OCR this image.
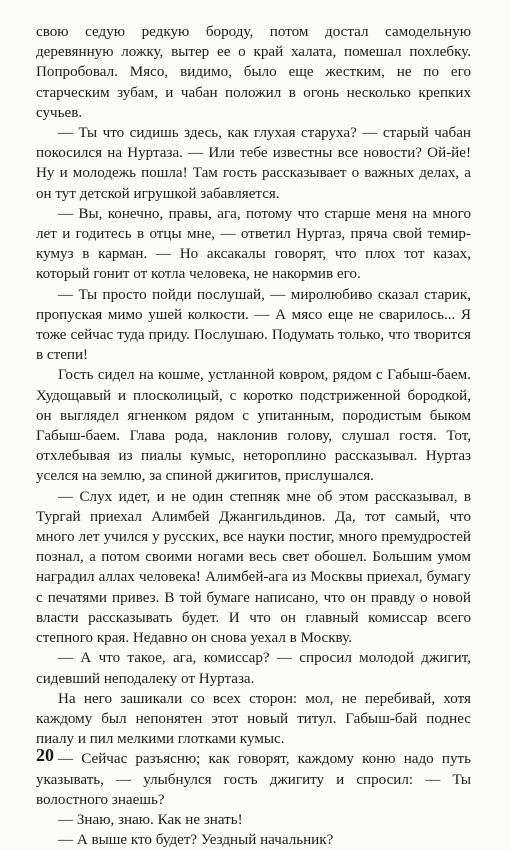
свою седую редкую бороду, потом достал самодельную деревянную ложку, вытер ее о край халата, помешал похлебку. Попробовал. Мясо, видимо, было еще жестким, не по его старческим зубам, и чабан положил в огонь несколько крепких сучьев.

— Ты что сидишь здесь, как глухая старуха? — старый чабан покосился на Нуртаза. — Или тебе известны все новости? Ой-йе! Ну и молодежь пошла! Там гость рассказывает о важных делах, а он тут детской игрушкой забавляется.

— Вы, конечно, правы, ага, потому что старше меня на много лет и годитесь в отцы мне, — ответил Нуртаз, пряча свой темир-кумуз в карман. — Но аксакалы говорят, что плох тот казах, который гонит от котла человека, не накормив его.

— Ты просто пойди послушай, — миролюбиво сказал старик, пропуская мимо ушей колкости. — А мясо еще не сварилось... Я тоже сейчас туда приду. Послушаю. Подумать только, что творится в степи!

Гость сидел на кошме, устланной ковром, рядом с Габыш-баем. Худощавый и плосколицый, с коротко подстриженной бородкой, он выглядел ягненком рядом с упитанным, породистым быком Габыш-баем. Глава рода, наклонив голову, слушал гостя. Тот, отхлебывая из пиалы кумыс, нетороплино рассказывал. Нуртаз уселся на землю, за спиной джигитов, прислушался.

— Слух идет, и не один степняк мне об этом рассказывал, в Тургай приехал Алимбей Джангильдинов. Да, тот самый, что много лет учился у русских, все науки постиг, много премудростей познал, а потом своими ногами весь свет обошел. Большим умом наградил аллах человека! Алимбей-ага из Москвы приехал, бумагу с печатями привез. В той бумаге написано, что он правду о новой власти рассказывать будет. И что он главный комиссар всего степного края. Недавно он снова уехал в Москву.

— А что такое, ага, комиссар? — спросил молодой джигит, сидевший неподалеку от Нуртаза.

На него зашикали со всех сторон: мол, не перебивай, хотя каждому был непонятен этот новый титул. Габыш-бай поднес пиалу и пил мелкими глотками кумыс.

— Сейчас разъясню; как говорят, каждому коню надо путь указывать, — улыбнулся гость джигиту и спросил: — Ты волостного знаешь?

— Знаю, знаю. Как не знать!

— А выше кто будет? Уездный начальник?

20
